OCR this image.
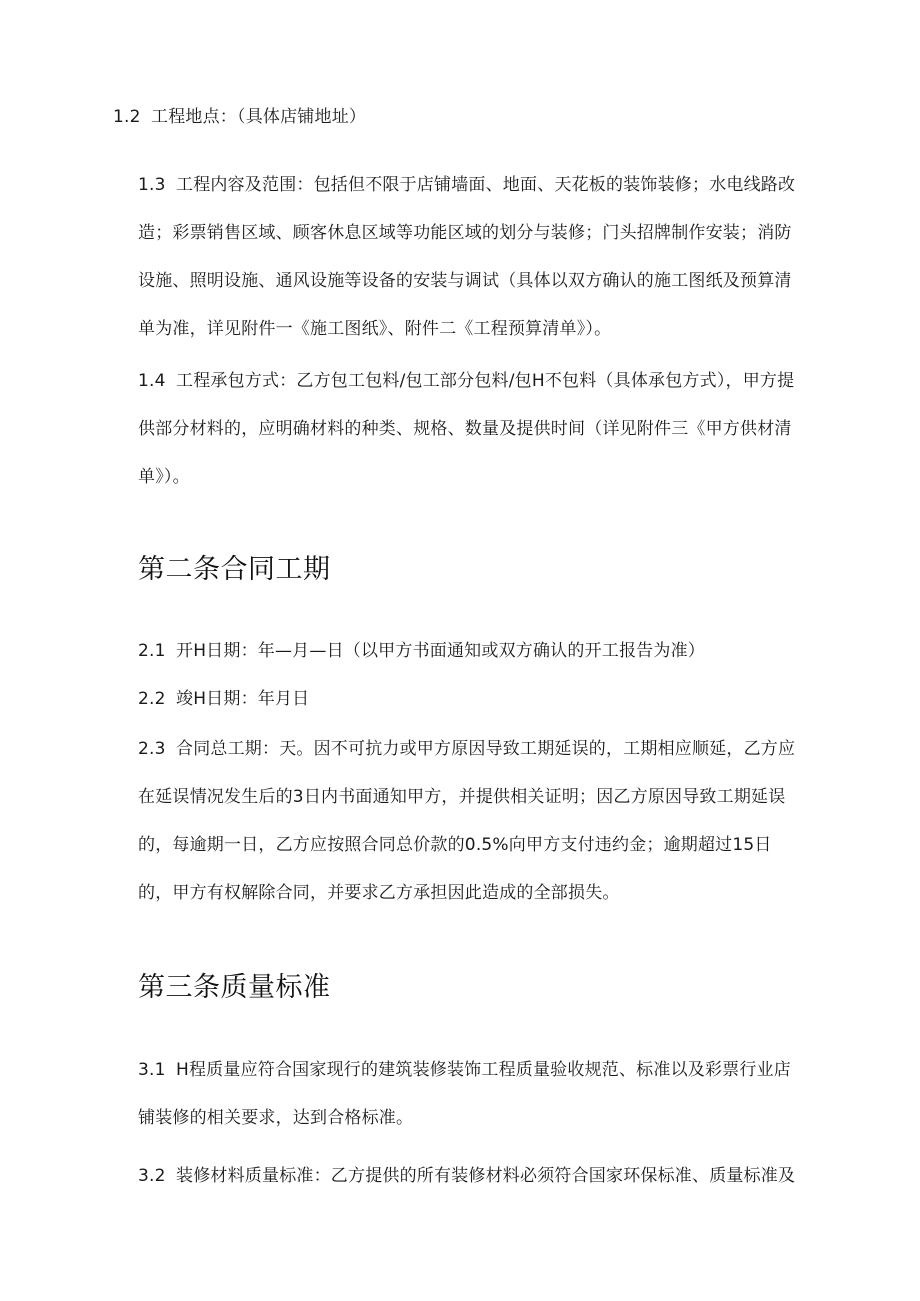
1.2 工程地点：（具体店铺地址）

1.3 工程内容及范围：包括但不限于店铺墙面、地面、天花板的装饰装修；水电线路改造；彩票销售区域、顾客休息区域等功能区域的划分与装修；门头招牌制作安装；消防设施、照明设施、通风设施等设备的安装与调试（具体以双方确认的施工图纸及预算清单为准，详见附件一《施工图纸》、附件二《工程预算清单》）。

1.4 工程承包方式：乙方包工包料/包工部分包料/包H不包料（具体承包方式），甲方提供部分材料的，应明确材料的种类、规格、数量及提供时间（详见附件三《甲方供材清单》）。

第二条合同工期

2.1 开H日期：年—月—日（以甲方书面通知或双方确认的开工报告为准）

2.2 竣H日期：年月日

2.3 合同总工期：天。因不可抗力或甲方原因导致工期延误的，工期相应顺延，乙方应在延误情况发生后的3日内书面通知甲方，并提供相关证明；因乙方原因导致工期延误的，每逾期一日，乙方应按照合同总价款的0.5%向甲方支付违约金；逾期超过15日的，甲方有权解除合同，并要求乙方承担因此造成的全部损失。

第三条质量标准

3.1 H程质量应符合国家现行的建筑装修装饰工程质量验收规范、标准以及彩票行业店铺装修的相关要求，达到合格标准。

3.2 装修材料质量标准：乙方提供的所有装修材料必须符合国家环保标准、质量标准及
